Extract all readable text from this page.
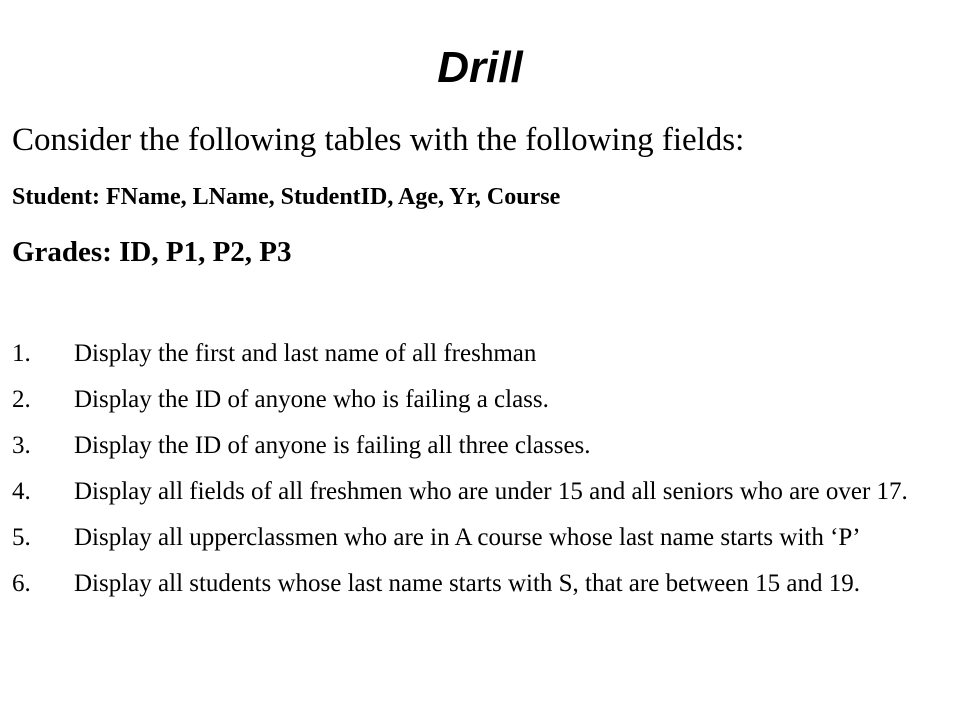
Drill
Consider the following tables with the following fields:
Student: FName, LName, StudentID, Age, Yr, Course
Grades: ID, P1, P2, P3
1.	Display the first and last name of all freshman
2.	Display the ID of anyone who is failing a class.
3.	Display the ID of anyone is failing all three classes.
4.	Display all fields of all freshmen who are under 15 and all seniors who are over 17.
5.	Display all upperclassmen who are in A course whose last name starts with ‘P’
6.	Display all students whose last name starts with S, that are between 15 and 19.
